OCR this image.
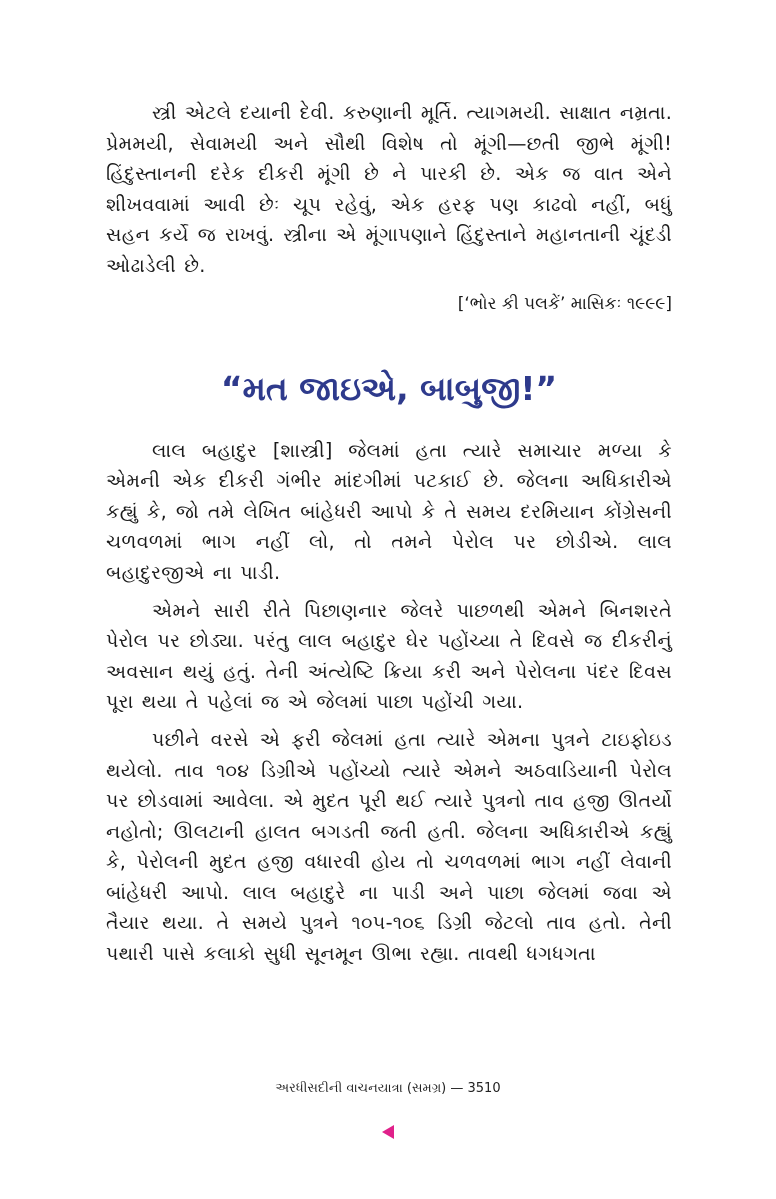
સ્ત્રી એટલે દયાની દેવી. કરુણાની મૂર્તિ. ત્યાગમયી. સાક્ષાત નમ્રતા. પ્રેમમયી, સેવામયી અને સૌથી વિશેષ તો મૂંગી—છતી જીભે મૂંગી! હિંદુસ્તાનની દરેક દીકરી મૂંગી છે ને પારકી છે. એક જ વાત એને શીખવવામાં આવી છેઃ ચૂપ રહેવું, એક હરફ પણ કાઢવો નહીં, બધું સહન કર્યે જ રાખવું. સ્ત્રીના એ મૂંગાપણાને હિંદુસ્તાને મહાનતાની ચૂંદડી ઓઢાડેલી છે.

[‘ભોર કી પલકેં’ માસિકઃ ૧૯૯૯]
“મત જાઇએ, બાબુજી!”

લાલ બહાદુર [શાસ્ત્રી] જેલમાં હતા ત્યારે સમાચાર મળ્યા કે એમની એક દીકરી ગંભીર માંદગીમાં પટકાઈ છે. જેલના અધિકારીએ કહ્યું કે, જો તમે લેખિત બાંહેધરી આપો કે તે સમય દરમિયાન કોંગ્રેસની ચળવળમાં ભાગ નહીં લો, તો તમને પેરોલ પર છોડીએ. લાલ બહાદુરજીએ ના પાડી.

એમને સારી રીતે પિછાણનાર જેલરે પાછળથી એમને બિનશરતે પેરોલ પર છોડ્યા. પરંતુ લાલ બહાદુર ઘેર પહોંચ્યા તે દિવસે જ દીકરીનું અવસાન થયું હતું. તેની અંત્યેષ્ટિ ક્રિયા કરી અને પેરોલના પંદર દિવસ પૂરા થયા તે પહેલાં જ એ જેલમાં પાછા પહોંચી ગયા.

પછીને વરસે એ ફરી જેલમાં હતા ત્યારે એમના પુત્રને ટાઇફોઇડ થયેલો. તાવ ૧૦૪ ડિગ્રીએ પહોંચ્યો ત્યારે એમને અઠવાડિયાની પેરોલ પર છોડવામાં આવેલા. એ મુદત પૂરી થઈ ત્યારે પુત્રનો તાવ હજી ઊતર્યો નહોતો; ઊલટાની હાલત બગડતી જતી હતી. જેલના અધિકારીએ કહ્યું કે, પેરોલની મુદત હજી વધારવી હોય તો ચળવળમાં ભાગ નહીં લેવાની બાંહેધરી આપો. લાલ બહાદુરે ના પાડી અને પાછા જેલમાં જવા એ તૈયાર થયા. તે સમયે પુત્રને ૧૦૫-૧૦૬ ડિગ્રી જેટલો તાવ હતો. તેની પથારી પાસે કલાકો સુધી સૂનમૂન ઊભા રહ્યા. તાવથી ધગધગતા

અરધીસદીની વાચનયાત્રા (સમગ્ર) — 3510
